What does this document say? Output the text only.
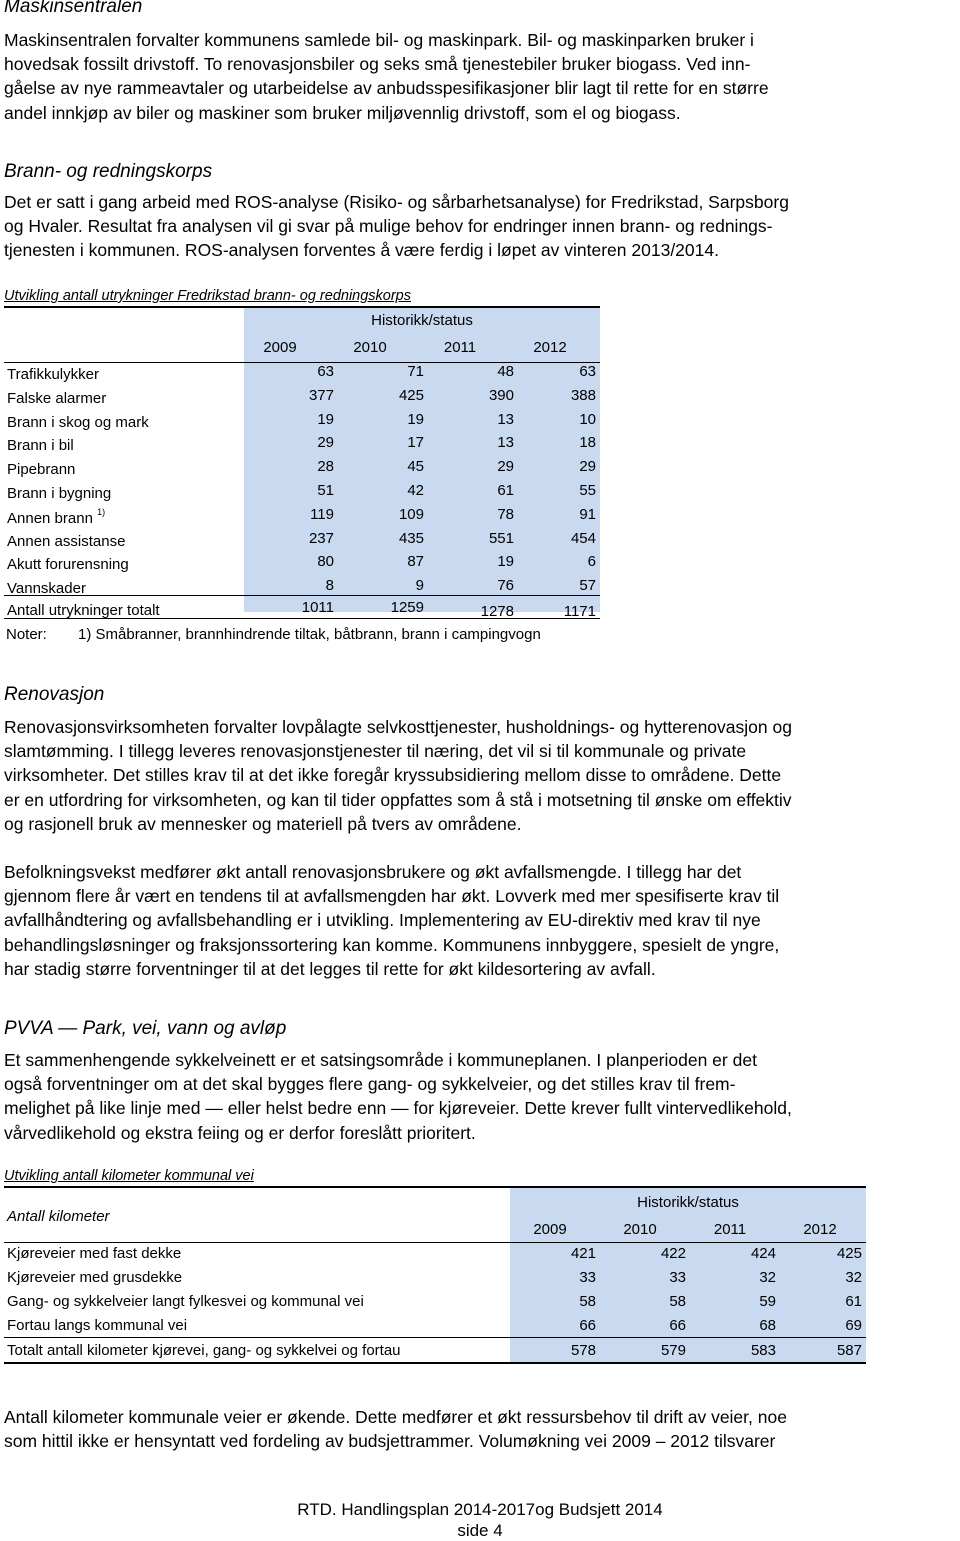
Maskinsentralen
Maskinsentralen forvalter kommunens samlede bil- og maskinpark. Bil- og maskinparken bruker i
hovedsak fossilt drivstoff. To renovasjonsbiler og seks små tjenestebiler bruker biogass. Ved inn-
gåelse av nye rammeavtaler og utarbeidelse av anbudsspesifikasjoner blir lagt til rette for en større
andel innkjøp av biler og maskiner som bruker miljøvennlig drivstoff, som el og biogass.
Brann- og redningskorps
Det er satt i gang arbeid med ROS-analyse (Risiko- og sårbarhetsanalyse) for Fredrikstad, Sarpsborg
og Hvaler. Resultat fra analysen vil gi svar på mulige behov for endringer innen brann- og rednings-
tjenesten i kommunen. ROS-analysen forventes å være ferdig i løpet av vinteren 2013/2014.
Utvikling antall utrykninger Fredrikstad brann- og redningskorps
Historikk/status
2009	2010	2011	2012
Trafikkulykker	63	71	48	63
Falske alarmer	377	425	390	388
Brann i skog og mark	19	19	13	10
Brann i bil	29	17	13	18
Pipebrann	28	45	29	29
Brann i bygning	51	42	61	55
Annen brann $^{1)}$	119	109	78	91
Annen assistanse	237	435	551	454
Akutt forurensning	80	87	19	6
Vannskader	8	9	76	57
Antall utrykninger totalt	1011	1259	1278	1171
Noter: 1) Småbranner, brannhindrende tiltak, båtbrann, brann i campingvogn
Renovasjon
Renovasjonsvirksomheten forvalter lovpålagte selvkosttjenester, husholdnings- og hytterenovasjon og
slamtømming. I tillegg leveres renovasjonstjenester til næring, det vil si til kommunale og private
virksomheter. Det stilles krav til at det ikke foregår kryssubsidiering mellom disse to områdene. Dette
er en utfordring for virksomheten, og kan til tider oppfattes som å stå i motsetning til ønske om effektiv
og rasjonell bruk av mennesker og materiell på tvers av områdene.
Befolkningsvekst medfører økt antall renovasjonsbrukere og økt avfallsmengde. I tillegg har det
gjennom flere år vært en tendens til at avfallsmengden har økt. Lovverk med mer spesifiserte krav til
avfallhåndtering og avfallsbehandling er i utvikling. Implementering av EU-direktiv med krav til nye
behandlingsløsninger og fraksjonssortering kan komme. Kommunens innbyggere, spesielt de yngre,
har stadig større forventninger til at det legges til rette for økt kildesortering av avfall.
PVVA — Park, vei, vann og avløp
Et sammenhengende sykkelveinett er et satsingsområde i kommuneplanen. I planperioden er det
også forventninger om at det skal bygges flere gang- og sykkelveier, og det stilles krav til frem-
melighet på like linje med — eller helst bedre enn — for kjøreveier. Dette krever fullt vintervedlikehold,
vårvedlikehold og ekstra feiing og er derfor foreslått prioritert.
Utvikling antall kilometer kommunal vei
Historikk/status
Antall kilometer
2009	2010	2011	2012
Kjøreveier med fast dekke	421	422	424	425
Kjøreveier med grusdekke	33	33	32	32
Gang- og sykkelveier langt fylkesvei og kommunal vei	58	58	59	61
Fortau langs kommunal vei	66	66	68	69
Totalt antall kilometer kjørevei, gang- og sykkelvei og fortau	578	579	583	587
Antall kilometer kommunale veier er økende. Dette medfører et økt ressursbehov til drift av veier, noe
som hittil ikke er hensyntatt ved fordeling av budsjettrammer. Volumøkning vei 2009 – 2012 tilsvarer
RTD. Handlingsplan 2014-2017og Budsjett 2014
side 4
